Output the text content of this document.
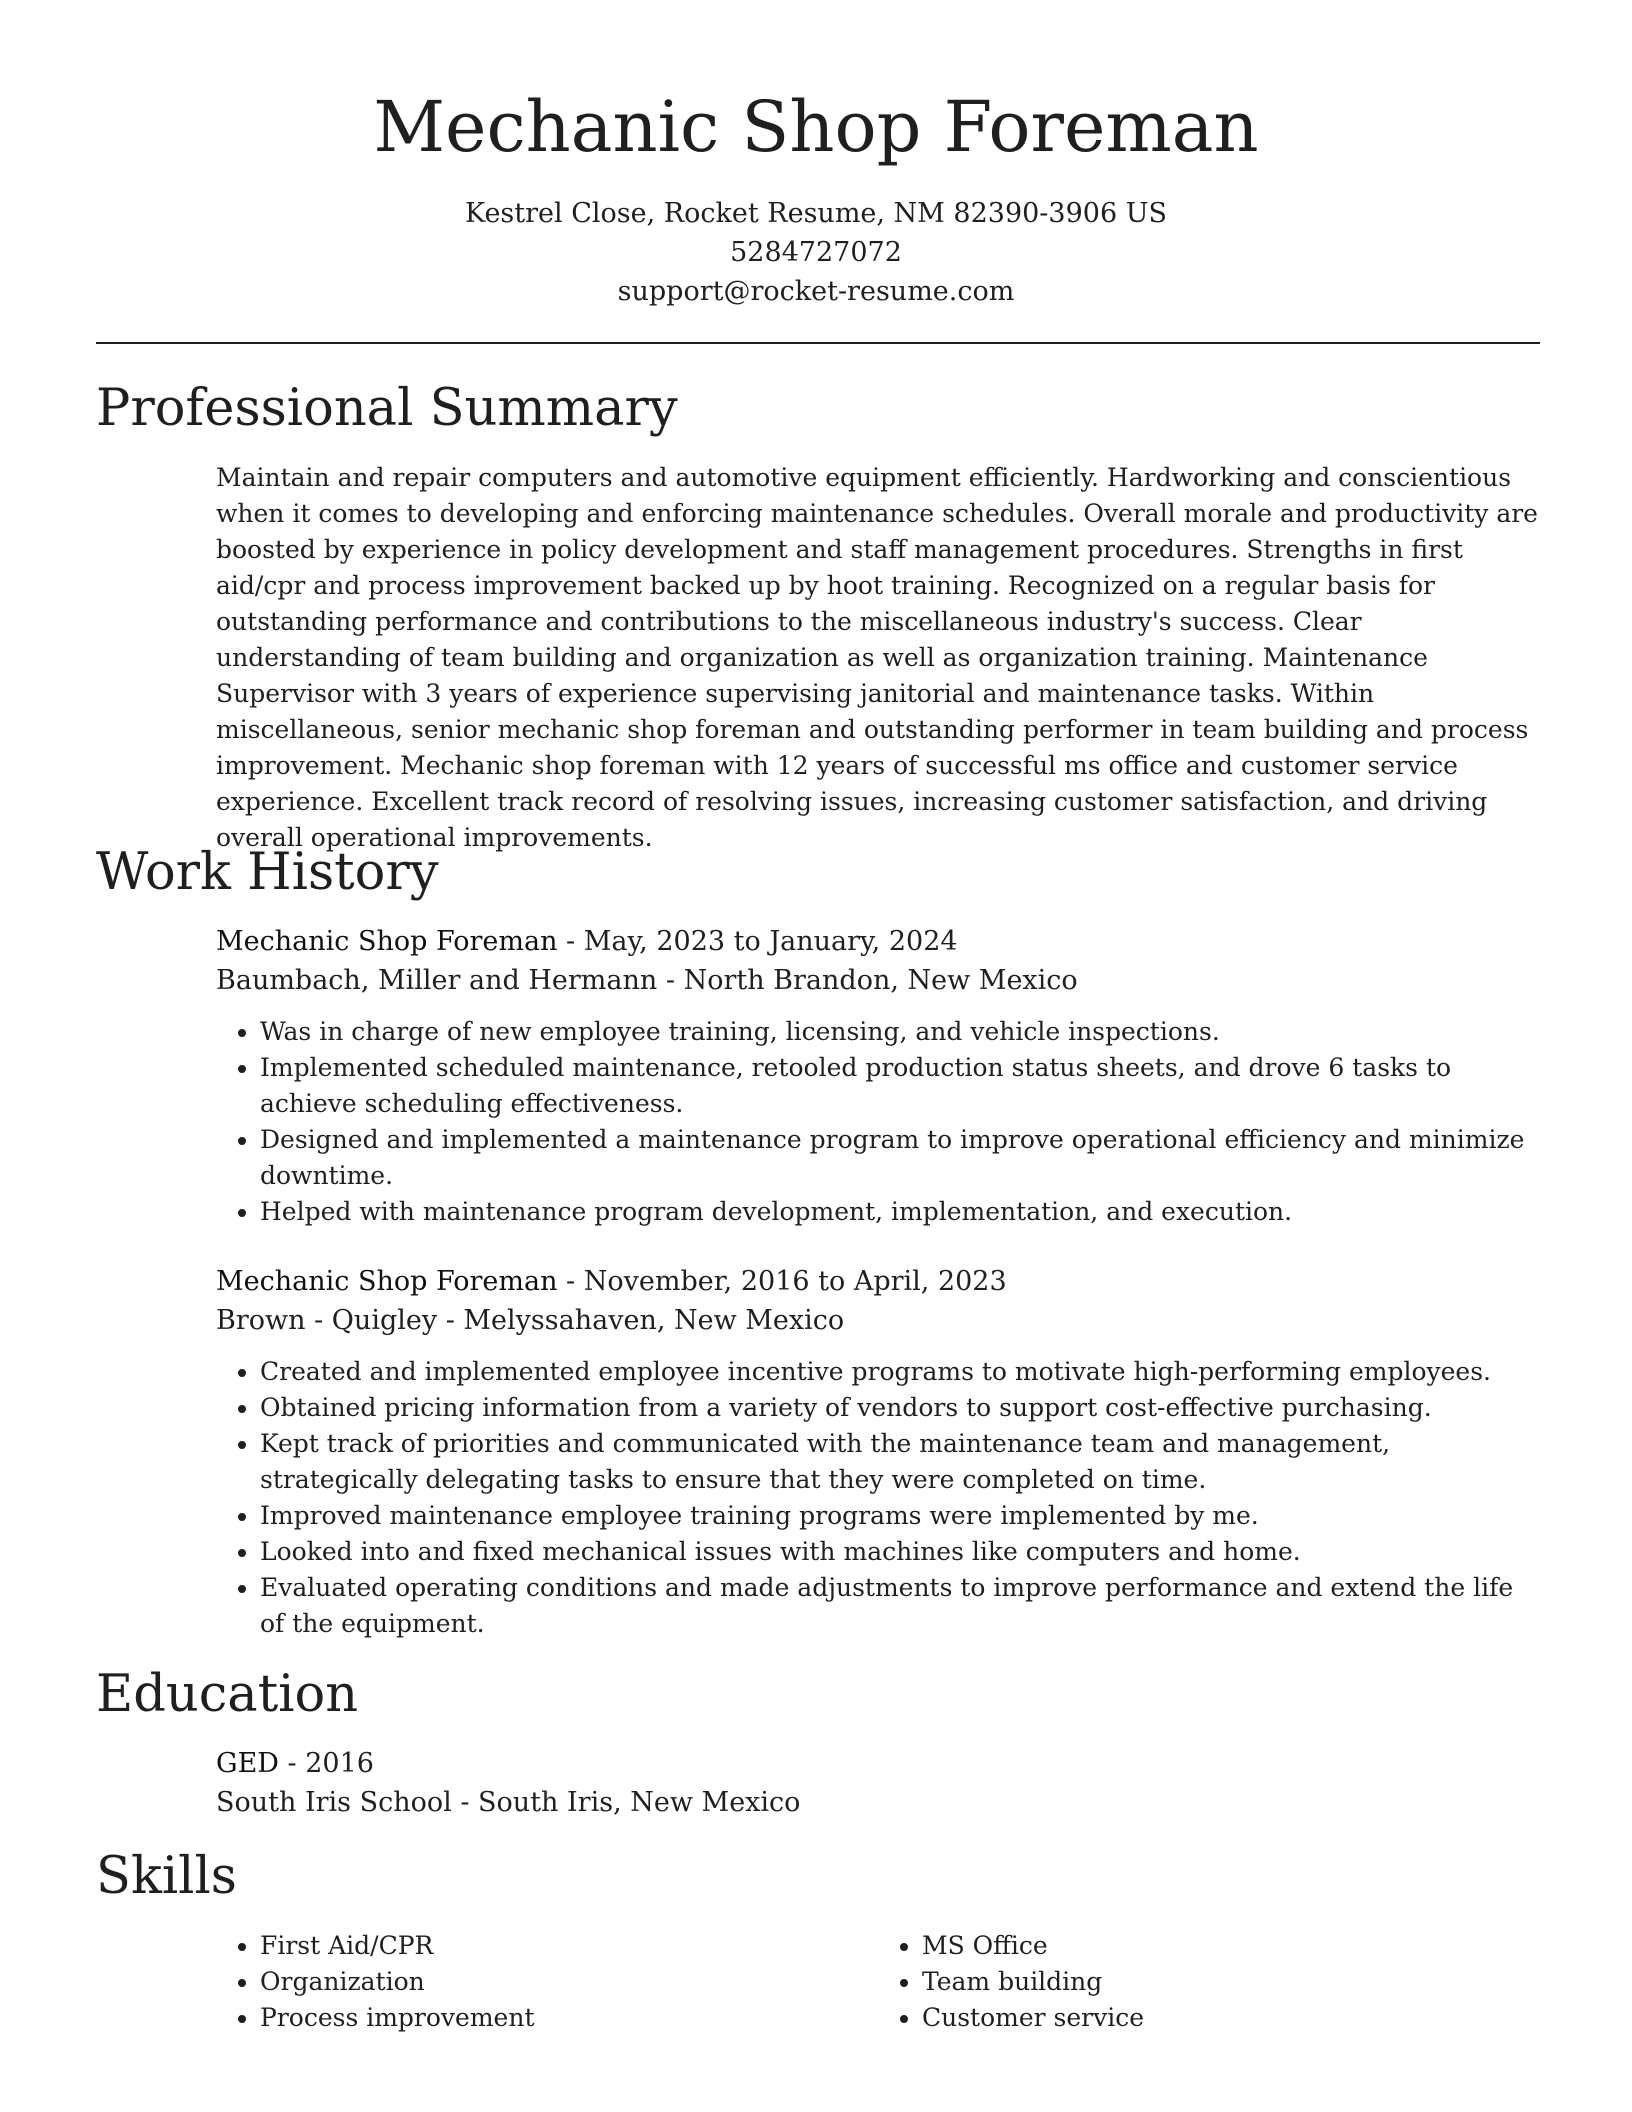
Mechanic Shop Foreman
Kestrel Close, Rocket Resume, NM 82390-3906 US
5284727072
support@rocket-resume.com
Professional Summary

Maintain and repair computers and automotive equipment efficiently. Hardworking and conscientious when it comes to developing and enforcing maintenance schedules. Overall morale and productivity are boosted by experience in policy development and staff management procedures. Strengths in first aid/cpr and process improvement backed up by hoot training. Recognized on a regular basis for outstanding performance and contributions to the miscellaneous industry's success. Clear understanding of team building and organization as well as organization training. Maintenance Supervisor with 3 years of experience supervising janitorial and maintenance tasks. Within miscellaneous, senior mechanic shop foreman and outstanding performer in team building and process improvement. Mechanic shop foreman with 12 years of successful ms office and customer service experience. Excellent track record of resolving issues, increasing customer satisfaction, and driving overall operational improvements.

Work History
Mechanic Shop Foreman - May, 2023 to January, 2024
Baumbach, Miller and Hermann - North Brandon, New Mexico
• Was in charge of new employee training, licensing, and vehicle inspections.
• Implemented scheduled maintenance, retooled production status sheets, and drove 6 tasks to achieve scheduling effectiveness.
• Designed and implemented a maintenance program to improve operational efficiency and minimize downtime.
• Helped with maintenance program development, implementation, and execution.
Mechanic Shop Foreman - November, 2016 to April, 2023
Brown - Quigley - Melyssahaven, New Mexico
• Created and implemented employee incentive programs to motivate high-performing employees.
• Obtained pricing information from a variety of vendors to support cost-effective purchasing.
• Kept track of priorities and communicated with the maintenance team and management, strategically delegating tasks to ensure that they were completed on time.
• Improved maintenance employee training programs were implemented by me.
• Looked into and fixed mechanical issues with machines like computers and home.
• Evaluated operating conditions and made adjustments to improve performance and extend the life of the equipment.
Education
GED - 2016
South Iris School - South Iris, New Mexico
Skills
• First Aid/CPR
• Organization
• Process improvement
• MS Office
• Team building
• Customer service
